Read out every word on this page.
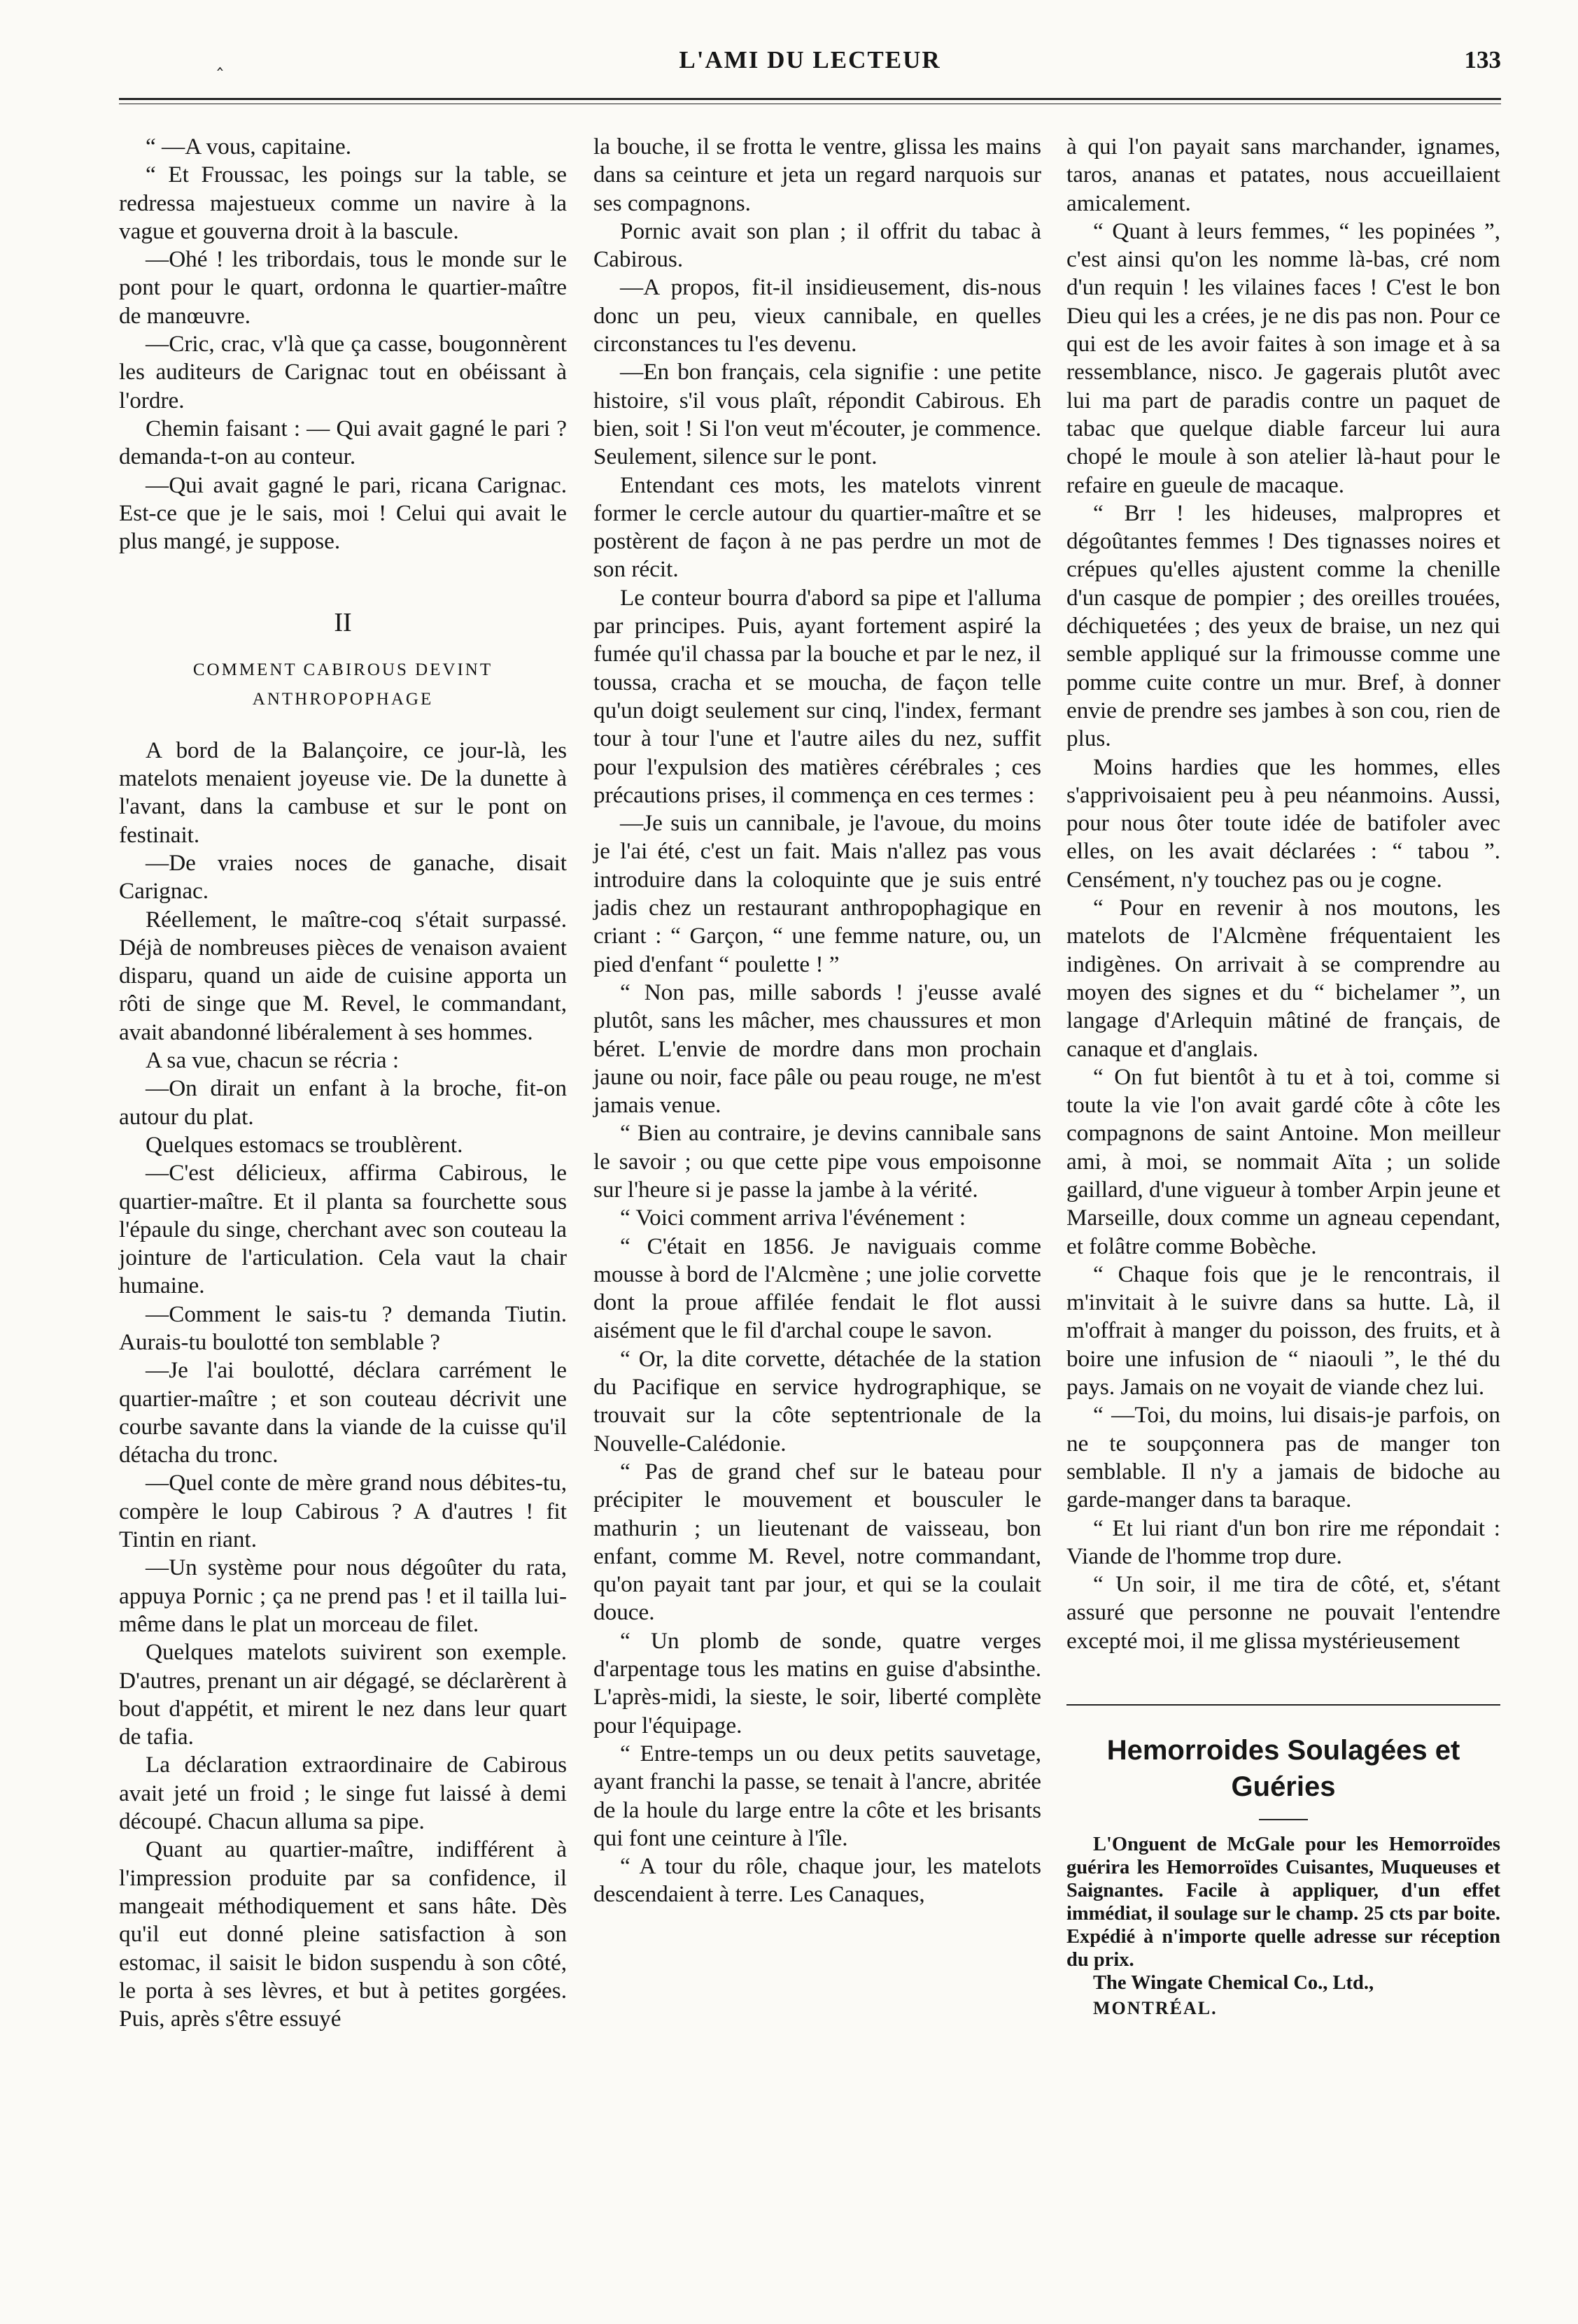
‸	L'AMI DU LECTEUR	133

“ —A vous, capitaine.

“ Et Froussac, les poings sur la table, se redressa majestueux comme un navire à la vague et gouverna droit à la bascule.

—Ohé ! les tribordais, tous le monde sur le pont pour le quart, ordonna le quartier-maître de manœuvre.

—Cric, crac, v'là que ça casse, bougonnèrent les auditeurs de Carignac tout en obéissant à l'ordre.

Chemin faisant : — Qui avait gagné le pari ? demanda-t-on au conteur.

—Qui avait gagné le pari, ricana Carignac. Est-ce que je le sais, moi ! Celui qui avait le plus mangé, je suppose.

II
COMMENT CABIROUS DEVINT ANTHROPOPHAGE

A bord de la Balançoire, ce jour-là, les matelots menaient joyeuse vie. De la dunette à l'avant, dans la cambuse et sur le pont on festinait.

—De vraies noces de ganache, disait Carignac.

Réellement, le maître-coq s'était surpassé. Déjà de nombreuses pièces de venaison avaient disparu, quand un aide de cuisine apporta un rôti de singe que M. Revel, le commandant, avait abandonné libéralement à ses hommes.

A sa vue, chacun se récria :

—On dirait un enfant à la broche, fit-on autour du plat.

Quelques estomacs se troublèrent.

—C'est délicieux, affirma Cabirous, le quartier-maître. Et il planta sa fourchette sous l'épaule du singe, cherchant avec son couteau la jointure de l'articulation. Cela vaut la chair humaine.

—Comment le sais-tu ? demanda Tiutin. Aurais-tu boulotté ton semblable ?

—Je l'ai boulotté, déclara carrément le quartier-maître ; et son couteau décrivit une courbe savante dans la viande de la cuisse qu'il détacha du tronc.

—Quel conte de mère grand nous débites-tu, compère le loup Cabirous ? A d'autres ! fit Tintin en riant.

—Un système pour nous dégoûter du rata, appuya Pornic ; ça ne prend pas ! et il tailla lui-même dans le plat un morceau de filet.

Quelques matelots suivirent son exemple. D'autres, prenant un air dégagé, se déclarèrent à bout d'appétit, et mirent le nez dans leur quart de tafia.

La déclaration extraordinaire de Cabirous avait jeté un froid ; le singe fut laissé à demi découpé. Chacun alluma sa pipe.

Quant au quartier-maître, indifférent à l'impression produite par sa confidence, il mangeait méthodiquement et sans hâte. Dès qu'il eut donné pleine satisfaction à son estomac, il saisit le bidon suspendu à son côté, le porta à ses lèvres, et but à petites gorgées. Puis, après s'être essuyé

la bouche, il se frotta le ventre, glissa les mains dans sa ceinture et jeta un regard narquois sur ses compagnons.

Pornic avait son plan ; il offrit du tabac à Cabirous.

—A propos, fit-il insidieusement, dis-nous donc un peu, vieux cannibale, en quelles circonstances tu l'es devenu.

—En bon français, cela signifie : une petite histoire, s'il vous plaît, répondit Cabirous. Eh bien, soit ! Si l'on veut m'écouter, je commence. Seulement, silence sur le pont.

Entendant ces mots, les matelots vinrent former le cercle autour du quartier-maître et se postèrent de façon à ne pas perdre un mot de son récit.

Le conteur bourra d'abord sa pipe et l'alluma par principes. Puis, ayant fortement aspiré la fumée qu'il chassa par la bouche et par le nez, il toussa, cracha et se moucha, de façon telle qu'un doigt seulement sur cinq, l'index, fermant tour à tour l'une et l'autre ailes du nez, suffit pour l'expulsion des matières cérébrales ; ces précautions prises, il commença en ces termes :

—Je suis un cannibale, je l'avoue, du moins je l'ai été, c'est un fait. Mais n'allez pas vous introduire dans la coloquinte que je suis entré jadis chez un restaurant anthropophagique en criant : “ Garçon, “ une femme nature, ou, un pied d'enfant “ poulette ! ”

“ Non pas, mille sabords ! j'eusse avalé plutôt, sans les mâcher, mes chaussures et mon béret. L'envie de mordre dans mon prochain jaune ou noir, face pâle ou peau rouge, ne m'est jamais venue.

“ Bien au contraire, je devins cannibale sans le savoir ; ou que cette pipe vous empoisonne sur l'heure si je passe la jambe à la vérité.

“ Voici comment arriva l'événement :

“ C'était en 1856. Je naviguais comme mousse à bord de l'Alcmène ; une jolie corvette dont la proue affilée fendait le flot aussi aisément que le fil d'archal coupe le savon.

“ Or, la dite corvette, détachée de la station du Pacifique en service hydrographique, se trouvait sur la côte septentrionale de la Nouvelle-Calédonie.

“ Pas de grand chef sur le bateau pour précipiter le mouvement et bousculer le mathurin ; un lieutenant de vaisseau, bon enfant, comme M. Revel, notre commandant, qu'on payait tant par jour, et qui se la coulait douce.

“ Un plomb de sonde, quatre verges d'arpentage tous les matins en guise d'absinthe. L'après-midi, la sieste, le soir, liberté complète pour l'équipage.

“ Entre-temps un ou deux petits sauvetage, ayant franchi la passe, se tenait à l'ancre, abritée de la houle du large entre la côte et les brisants qui font une ceinture à l'île.

“ A tour du rôle, chaque jour, les matelots descendaient à terre. Les Canaques,

à qui l'on payait sans marchander, ignames, taros, ananas et patates, nous accueillaient amicalement.

“ Quant à leurs femmes, “ les popinées ”, c'est ainsi qu'on les nomme là-bas, cré nom d'un requin ! les vilaines faces ! C'est le bon Dieu qui les a crées, je ne dis pas non. Pour ce qui est de les avoir faites à son image et à sa ressemblance, nisco. Je gagerais plutôt avec lui ma part de paradis contre un paquet de tabac que quelque diable farceur lui aura chopé le moule à son atelier là-haut pour le refaire en gueule de macaque.

“ Brr ! les hideuses, malpropres et dégoûtantes femmes ! Des tignasses noires et crépues qu'elles ajustent comme la chenille d'un casque de pompier ; des oreilles trouées, déchiquetées ; des yeux de braise, un nez qui semble appliqué sur la frimousse comme une pomme cuite contre un mur. Bref, à donner envie de prendre ses jambes à son cou, rien de plus.

Moins hardies que les hommes, elles s'apprivoisaient peu à peu néanmoins. Aussi, pour nous ôter toute idée de batifoler avec elles, on les avait déclarées : “ tabou ”. Censément, n'y touchez pas ou je cogne.

“ Pour en revenir à nos moutons, les matelots de l'Alcmène fréquentaient les indigènes. On arrivait à se comprendre au moyen des signes et du “ bichelamer ”, un langage d'Arlequin mâtiné de français, de canaque et d'anglais.

“ On fut bientôt à tu et à toi, comme si toute la vie l'on avait gardé côte à côte les compagnons de saint Antoine. Mon meilleur ami, à moi, se nommait Aïta ; un solide gaillard, d'une vigueur à tomber Arpin jeune et Marseille, doux comme un agneau cependant, et folâtre comme Bobèche.

“ Chaque fois que je le rencontrais, il m'invitait à le suivre dans sa hutte. Là, il m'offrait à manger du poisson, des fruits, et à boire une infusion de “ niaouli ”, le thé du pays. Jamais on ne voyait de viande chez lui.

“ —Toi, du moins, lui disais-je parfois, on ne te soupçonnera pas de manger ton semblable. Il n'y a jamais de bidoche au garde-manger dans ta baraque.

“ Et lui riant d'un bon rire me répondait : Viande de l'homme trop dure.

“ Un soir, il me tira de côté, et, s'étant assuré que personne ne pouvait l'entendre excepté moi, il me glissa mystérieusement

Hemorroides Soulagées et Guéries

L'Onguent de McGale pour les Hemorroïdes guérira les Hemorroïdes Cuisantes, Muqueuses et Saignantes. Facile à appliquer, d'un effet immédiat, il soulage sur le champ. 25 cts par boite. Expédié à n'importe quelle adresse sur réception du prix.

The Wingate Chemical Co., Ltd.,

MONTRÉAL.
